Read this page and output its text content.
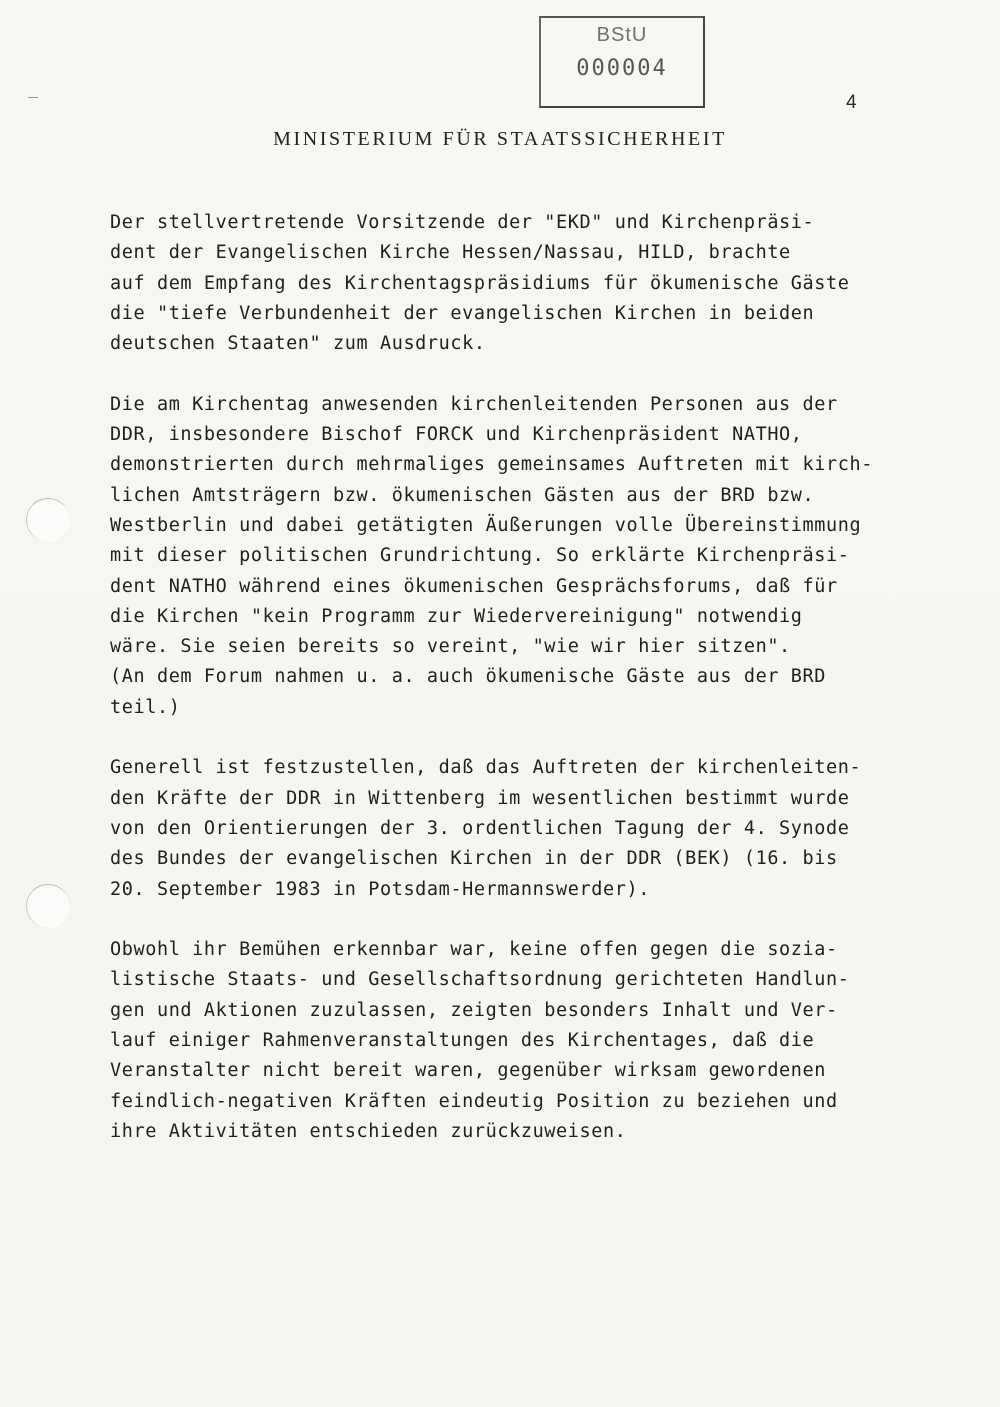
BStU
000004
4
MINISTERIUM FÜR STAATSSICHERHEIT
Der stellvertretende Vorsitzende der "EKD" und Kirchenpräsi-
dent der Evangelischen Kirche Hessen/Nassau, HILD, brachte
auf dem Empfang des Kirchentagspräsidiums für ökumenische Gäste
die "tiefe Verbundenheit der evangelischen Kirchen in beiden
deutschen Staaten" zum Ausdruck.
Die am Kirchentag anwesenden kirchenleitenden Personen aus der
DDR, insbesondere Bischof FORCK und Kirchenpräsident NATHO,
demonstrierten durch mehrmaliges gemeinsames Auftreten mit kirch-
lichen Amtsträgern bzw. ökumenischen Gästen aus der BRD bzw.
Westberlin und dabei getätigten Äußerungen volle Übereinstimmung
mit dieser politischen Grundrichtung. So erklärte Kirchenpräsi-
dent NATHO während eines ökumenischen Gesprächsforums, daß für
die Kirchen "kein Programm zur Wiedervereinigung" notwendig
wäre. Sie seien bereits so vereint, "wie wir hier sitzen".
(An dem Forum nahmen u. a. auch ökumenische Gäste aus der BRD
teil.)
Generell ist festzustellen, daß das Auftreten der kirchenleiten-
den Kräfte der DDR in Wittenberg im wesentlichen bestimmt wurde
von den Orientierungen der 3. ordentlichen Tagung der 4. Synode
des Bundes der evangelischen Kirchen in der DDR (BEK) (16. bis
20. September 1983 in Potsdam-Hermannswerder).
Obwohl ihr Bemühen erkennbar war, keine offen gegen die sozia-
listische Staats- und Gesellschaftsordnung gerichteten Handlun-
gen und Aktionen zuzulassen, zeigten besonders Inhalt und Ver-
lauf einiger Rahmenveranstaltungen des Kirchentages, daß die
Veranstalter nicht bereit waren, gegenüber wirksam gewordenen
feindlich-negativen Kräften eindeutig Position zu beziehen und
ihre Aktivitäten entschieden zurückzuweisen.
